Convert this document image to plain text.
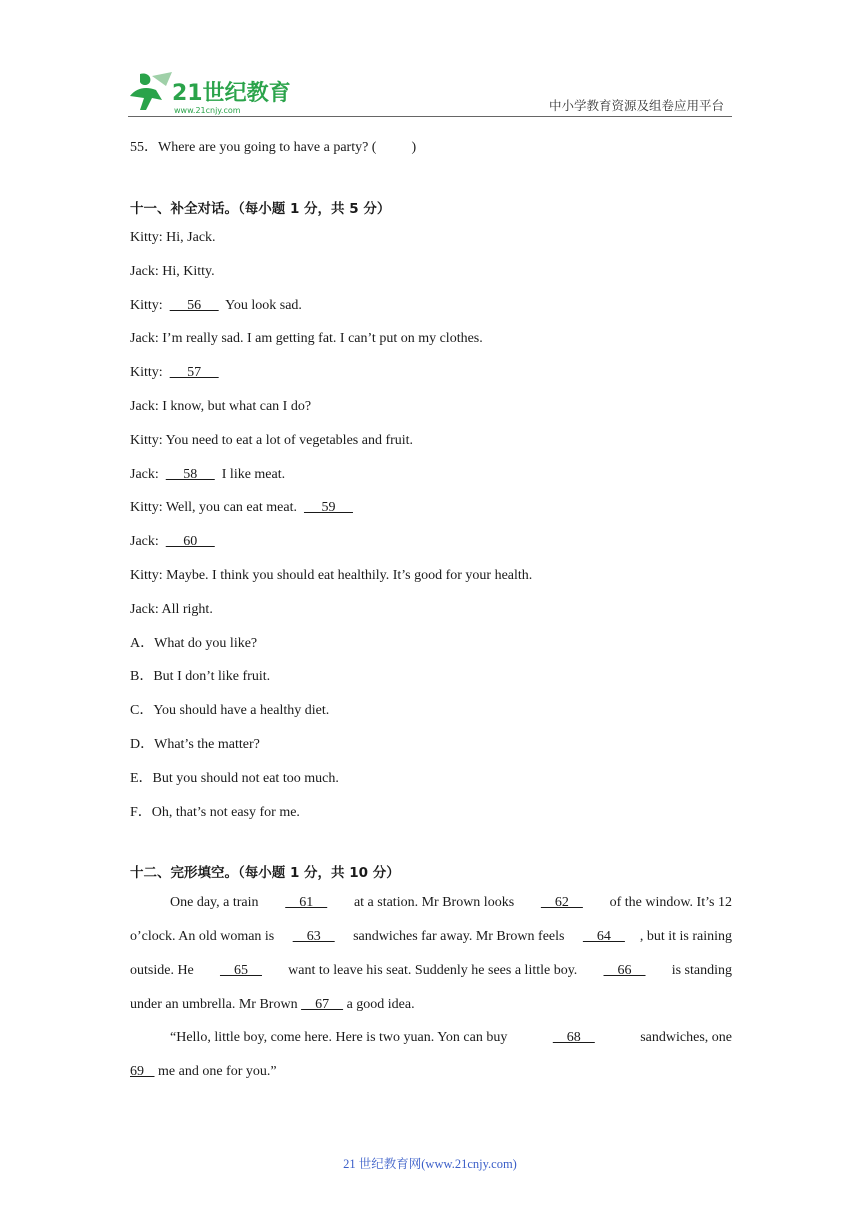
21世纪教育
www.21cnjy.com	中小学教育资源及组卷应用平台
55．Where are you going to have a party? (          )
十一、补全对话。（每小题 1 分，共 5 分）
Kitty: Hi, Jack.
Jack: Hi, Kitty.
Kitty:       56       You look sad.
Jack: I’m really sad. I am getting fat. I can’t put on my clothes.
Kitty:       57
Jack: I know, but what can I do?
Kitty: You need to eat a lot of vegetables and fruit.
Jack:       58       I like meat.
Kitty: Well, you can eat meat.       59
Jack:       60
Kitty: Maybe. I think you should eat healthily. It’s good for your health.
Jack: All right.
A．What do you like?
B．But I don’t like fruit.
C．You should have a healthy diet.
D．What’s the matter?
E．But you should not eat too much.
F．Oh, that’s not easy for me.
十二、完形填空。（每小题 1 分，共 10 分）
One day, a train 61 at a station. Mr Brown looks 62 of the window. It’s 12
o’clock. An old woman is 63 sandwiches far away. Mr Brown feels 64 , but it is raining
outside. He 65 want to leave his seat. Suddenly he sees a little boy. 66 is standing
under an umbrella. Mr Brown 67 a good idea.
“Hello, little boy, come here. Here is two yuan. Yon can buy	68	sandwiches, one
69 me and one for you.”
21 世纪教育网(www.21cnjy.com)
